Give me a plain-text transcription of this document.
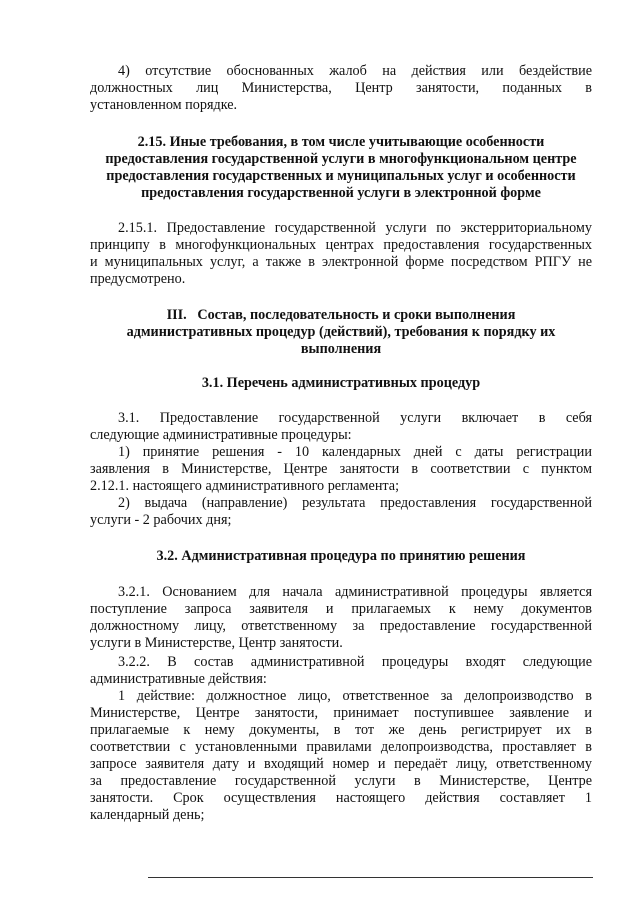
4) отсутствие обоснованных жалоб на действия или бездействие

должностных лиц Министерства, Центр занятости, поданных в

установленном порядке.

2.15. Иные требования, в том числе учитывающие особенности

предоставления государственной услуги в многофункциональном центре

предоставления государственных и муниципальных услуг и особенности

предоставления государственной услуги в электронной форме

2.15.1. Предоставление государственной услуги по экстерриториальному

принципу в многофункциональных центрах предоставления государственных

и муниципальных услуг, а также в электронной форме посредством РПГУ не

предусмотрено.

III.   Состав, последовательность и сроки выполнения

административных процедур (действий), требования к порядку их

выполнения

3.1. Перечень административных процедур

3.1. Предоставление государственной услуги включает в себя

следующие административные процедуры:

1) принятие решения - 10 календарных дней с даты регистрации

заявления в Министерстве, Центре занятости в соответствии с пунктом

2.12.1. настоящего административного регламента;

2) выдача (направление) результата предоставления государственной

услуги - 2 рабочих дня;

3.2. Административная процедура по принятию решения

3.2.1. Основанием для начала административной процедуры является

поступление запроса заявителя и прилагаемых к нему документов

должностному лицу, ответственному за предоставление государственной

услуги в Министерстве, Центр занятости.

3.2.2. В состав административной процедуры входят следующие

административные действия:

1 действие: должностное лицо, ответственное за делопроизводство в

Министерстве, Центре занятости, принимает поступившее заявление и

прилагаемые к нему документы, в тот же день регистрирует их в

соответствии с установленными правилами делопроизводства, проставляет в

запросе заявителя дату и входящий номер и передаёт лицу, ответственному

за предоставление государственной услуги в Министерстве, Центре

занятости. Срок осуществления настоящего действия составляет 1

календарный день;
